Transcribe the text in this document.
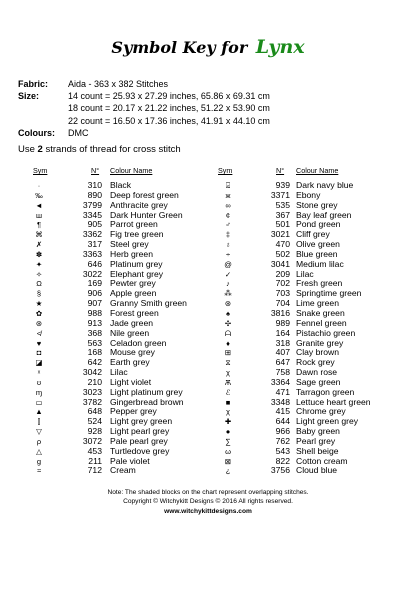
Symbol Key for Lynx
Fabric:	Aida - 363 x 382 Stitches
Size:	14 count = 25.93 x 27.29 inches, 65.86 x 69.31 cm
18 count = 20.17 x 21.22 inches, 51.22 x 53.90 cm
22 count = 16.50 x 17.36 inches, 41.91 x 44.10 cm
Colours:	DMC
Use 2 strands of thread for cross stitch
Sym	N° Colour Name	Sym	N° Colour Name
·	310 Black
‰	890 Deep forest green
◄	3799 Anthracite grey
ш	3345 Dark Hunter Green
¶	905 Parrot green
⌘	3362 Fig tree green
✗	317 Steel grey
✽	3363 Herb green
✦	646 Platinum grey
✧	3022 Elephant grey
Ω	169 Pewter grey
§	906 Apple green
★	907 Granny Smith green
✿	988 Forest green
⊛	913 Jade green
≮	368 Nile green
♥	563 Celadon green
◘	168 Mouse grey
◪	642 Earth grey
ˣ	3042 Lilac
ʊ	210 Light violet
ɱ	3023 Light platinum grey
▭	3782 Gingerbread brown
▲	648 Pepper grey
⫿	524 Light grey green
▽	928 Light pearl grey
ρ	3072 Pale pearl grey
△	453 Turtledove grey
g	211 Pale violet
≈	712 Cream
⍃	939 Dark navy blue
ж	3371 Ebony
∞	535 Stone grey
¢	367 Bay leaf green
♂	501 Pond green
‡	3021 Cliff grey
♁	470 Olive green
÷	502 Blue green
@	3041 Medium lilac
✓	209 Lilac
♪	702 Fresh green
⁂	703 Springtime green
⊛	704 Lime green
♠	3816 Snake green
✣	989 Fennel green
ᗩ	164 Pistachio green
♦	318 Granite grey
⊞	407 Clay brown
⧖	647 Rock grey
χ	758 Dawn rose
Ѫ	3364 Sage green
ℰ	471 Tarragon green
■	3348 Lettuce heart green
χ	415 Chrome grey
✚	644 Light green grey
●	966 Baby green
∑	762 Pearl grey
ω	543 Shell beige
⊠	822 Cotton cream
¿	3756 Cloud blue
Note: The shaded blocks on the chart represent overlapping stitches.
Copyright © Witchykitt Designs © 2016 All rights reserved.
www.witchykittdesigns.com
